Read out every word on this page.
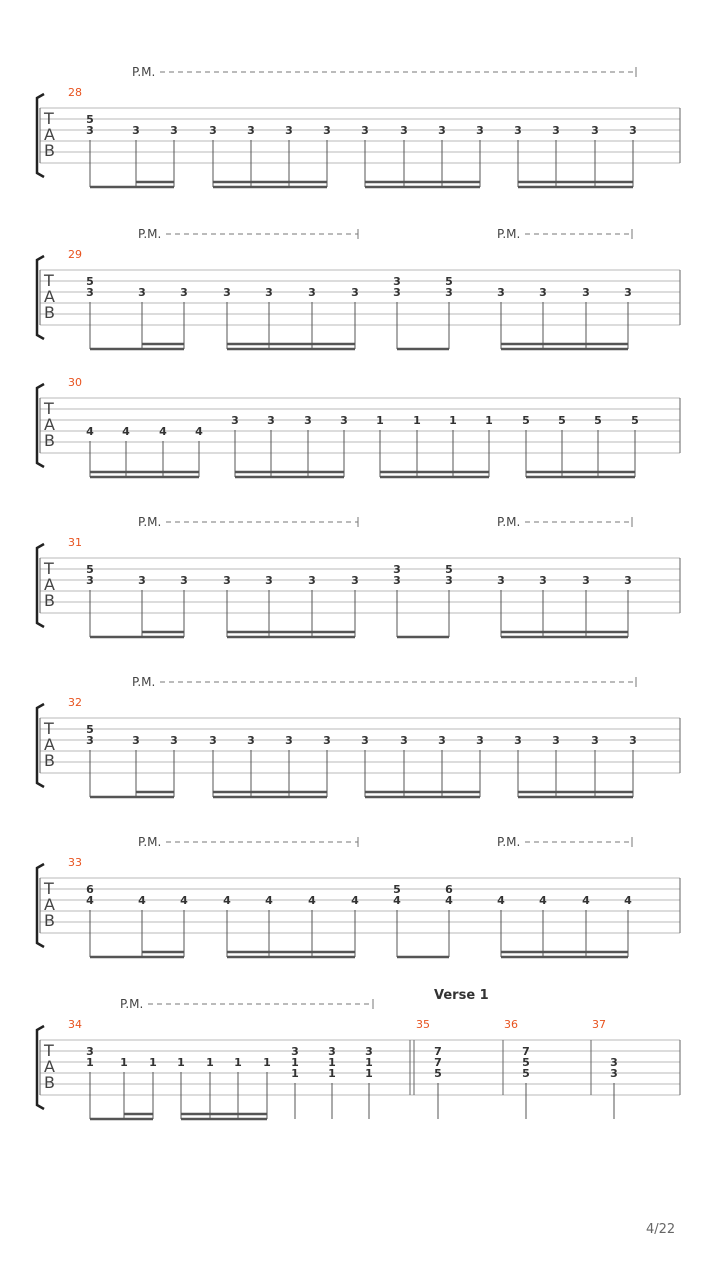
T
A
B
P.M.
28
5
3	3	3	3	3	3	3	3	3	3	3	3	3	3	3
T
A
B
P.M.	P.M.
29
5
3	3	3	3	3	3	3
3
3
5
3	3	3	3	3
T
A
B
30
4	4	4	4
3	3	3	3	1	1	1	1	5	5	5	5
T
A
B
P.M.	P.M.
31
5
3	3	3	3	3	3	3
3
3
5
3	3	3	3	3
T
A
B
P.M.
32
5
3	3	3	3	3	3	3	3	3	3	3	3	3	3	3
T
A
B
P.M.	P.M.
33
6
4	4	4	4	4	4	4
5
4
6
4	4	4	4	4
T
A
B
P.M.
Verse 1
34
3
1 1 1 1 1 1 1
3
1
1
3
1
1
3
1
1
35
7
7
5
36
7
5
5
37
3
3
4/22
